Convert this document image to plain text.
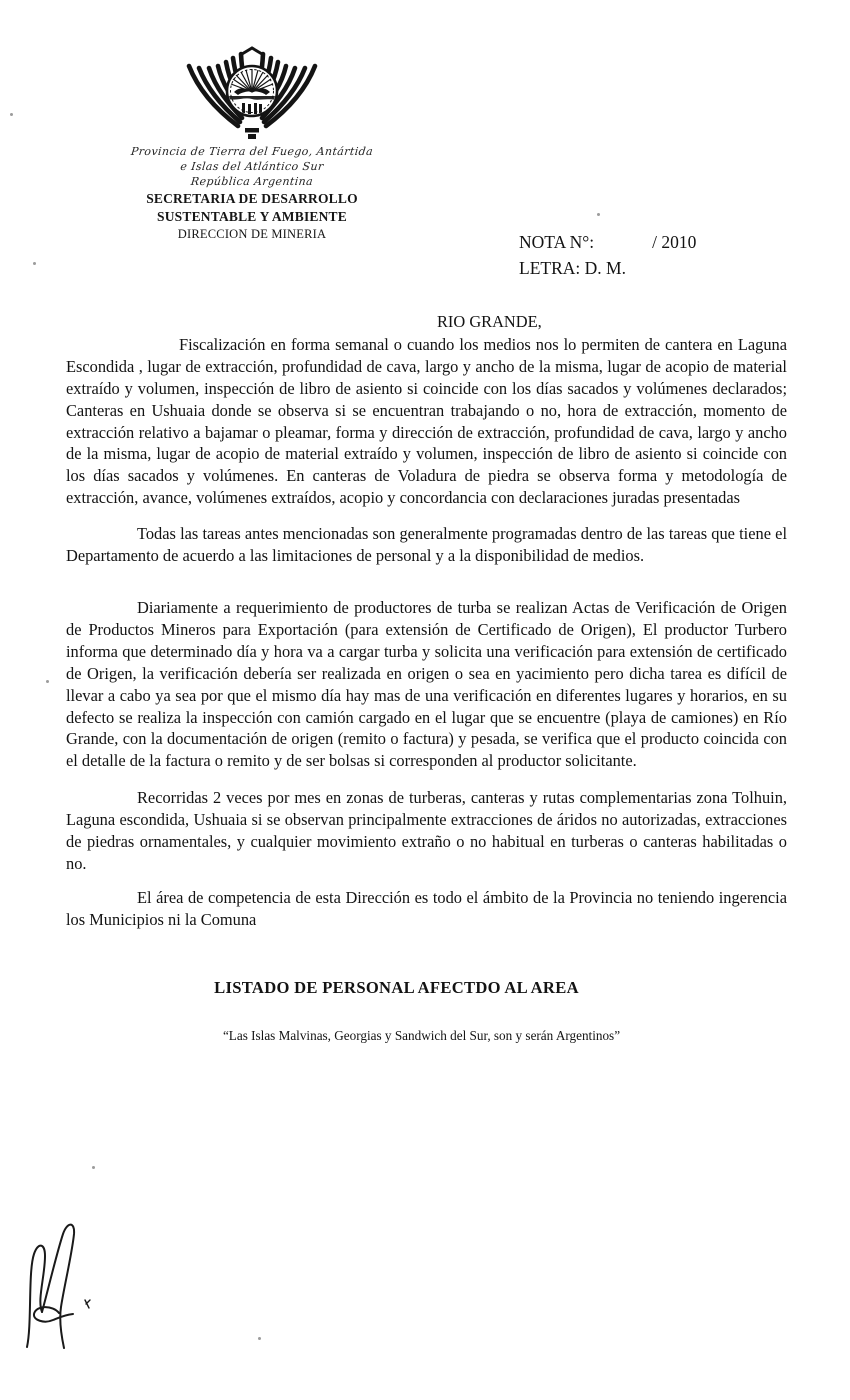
Provincia de Tierra del Fuego, Antártida
e Islas del Atlántico Sur
República Argentina
SECRETARIA DE DESARROLLO
SUSTENTABLE Y AMBIENTE
DIRECCION DE MINERIA	NOTA N°:	/ 2010
LETRA: D. M.
RIO GRANDE,

Fiscalización en forma semanal o cuando los medios nos lo permiten de cantera en Laguna Escondida , lugar de extracción, profundidad de cava, largo y ancho de la misma, lugar de acopio de material extraído y volumen, inspección de libro de asiento si coincide con los días sacados y volúmenes declarados; Canteras en Ushuaia donde se observa si se encuentran trabajando o no, hora de extracción, momento de extracción relativo a bajamar o pleamar, forma y dirección de extracción, profundidad de cava, largo y ancho de la misma, lugar de acopio de material extraído y volumen, inspección de libro de asiento si coincide con los días sacados y volúmenes. En canteras de Voladura de piedra se observa forma y metodología de extracción, avance, volúmenes extraídos, acopio y concordancia con declaraciones juradas presentadas

Todas las tareas antes mencionadas son generalmente programadas dentro de las tareas que tiene el Departamento de acuerdo a las limitaciones de personal y a la disponibilidad de medios.

Diariamente a requerimiento de productores de turba se realizan Actas de Verificación de Origen de Productos Mineros para Exportación (para extensión de Certificado de Origen), El productor Turbero informa que determinado día y hora va a cargar turba y solicita una verificación para extensión de certificado de Origen, la verificación debería ser realizada en origen o sea en yacimiento pero dicha tarea es difícil de llevar a cabo ya sea por que el mismo día hay mas de una verificación en diferentes lugares y horarios, en su defecto se realiza la inspección con camión cargado en el lugar que se encuentre (playa de camiones) en Río Grande, con la documentación de origen (remito o factura) y pesada, se verifica que el producto coincida con el detalle de la factura o remito y de ser bolsas si corresponden al productor solicitante.

Recorridas 2 veces por mes en zonas de turberas, canteras y rutas complementarias zona Tolhuin, Laguna escondida, Ushuaia si se observan principalmente extracciones de áridos no autorizadas, extracciones de piedras ornamentales, y cualquier movimiento extraño o no habitual en turberas o canteras habilitadas o no.

El área de competencia de esta Dirección es todo el ámbito de la Provincia no teniendo ingerencia los Municipios ni la Comuna

LISTADO DE PERSONAL AFECTDO AL AREA
“Las Islas Malvinas, Georgias y Sandwich del Sur, son y serán Argentinos”
